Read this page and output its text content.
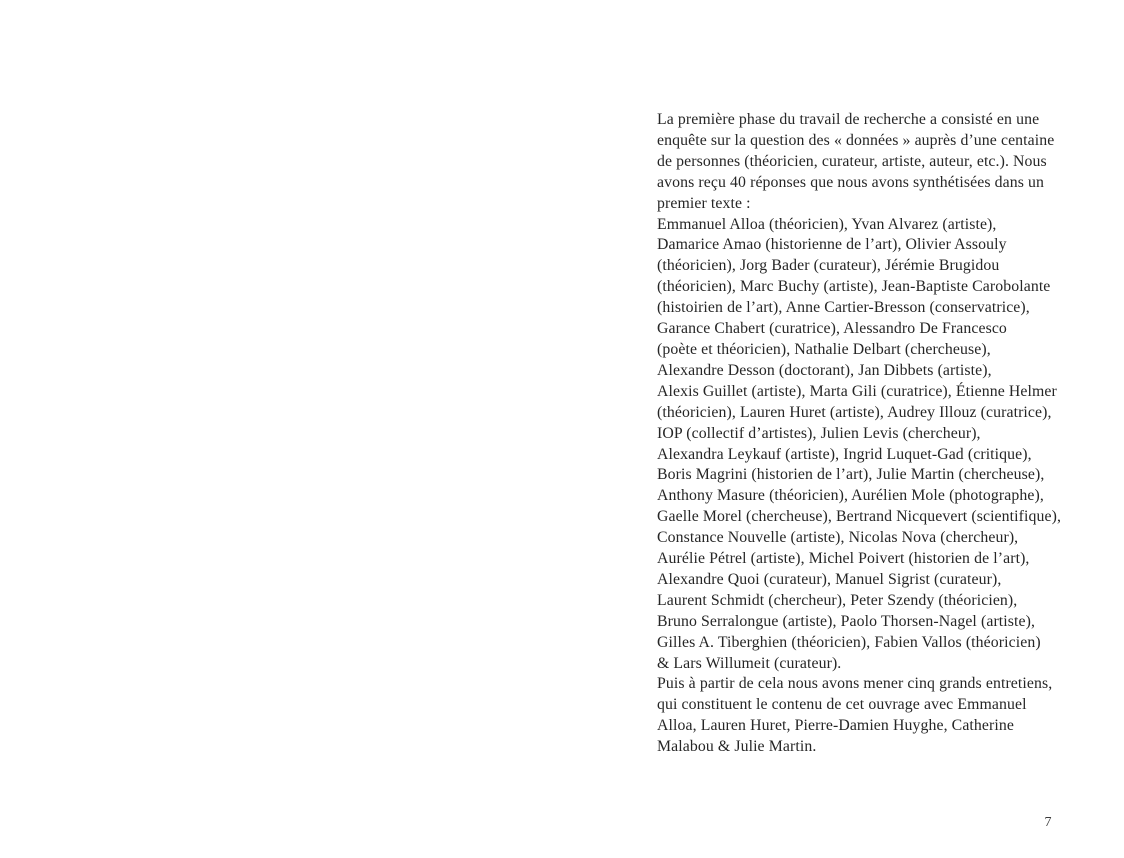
La première phase du travail de recherche a consisté en une
enquête sur la question des « données » auprès d’une centaine
de personnes (théoricien, curateur, artiste, auteur, etc.). Nous
avons reçu 40 réponses que nous avons synthétisées dans un
premier texte :
Emmanuel Alloa (théoricien), Yvan Alvarez (artiste),
Damarice Amao (historienne de l’art), Olivier Assouly
(théoricien), Jorg Bader (curateur), Jérémie Brugidou
(théoricien), Marc Buchy (artiste), Jean-Baptiste Carobolante
(histoirien de l’art), Anne Cartier-Bresson (conservatrice),
Garance Chabert (curatrice), Alessandro De Francesco
(poète et théoricien), Nathalie Delbart (chercheuse),
Alexandre Desson (doctorant), Jan Dibbets (artiste),
Alexis Guillet (artiste), Marta Gili (curatrice), Étienne Helmer
(théoricien), Lauren Huret (artiste), Audrey Illouz (curatrice),
IOP (collectif d’artistes), Julien Levis (chercheur),
Alexandra Leykauf (artiste), Ingrid Luquet-Gad (critique),
Boris Magrini (historien de l’art), Julie Martin (chercheuse),
Anthony Masure (théoricien), Aurélien Mole (photographe),
Gaelle Morel (chercheuse), Bertrand Nicquevert (scientifique),
Constance Nouvelle (artiste), Nicolas Nova (chercheur),
Aurélie Pétrel (artiste), Michel Poivert (historien de l’art),
Alexandre Quoi (curateur), Manuel Sigrist (curateur),
Laurent Schmidt (chercheur), Peter Szendy (théoricien),
Bruno Serralongue (artiste), Paolo Thorsen-Nagel (artiste),
Gilles A. Tiberghien (théoricien), Fabien Vallos (théoricien)
& Lars Willumeit (curateur).
Puis à partir de cela nous avons mener cinq grands entretiens,
qui constituent le contenu de cet ouvrage avec Emmanuel
Alloa, Lauren Huret, Pierre-Damien Huyghe, Catherine
Malabou & Julie Martin.
7
